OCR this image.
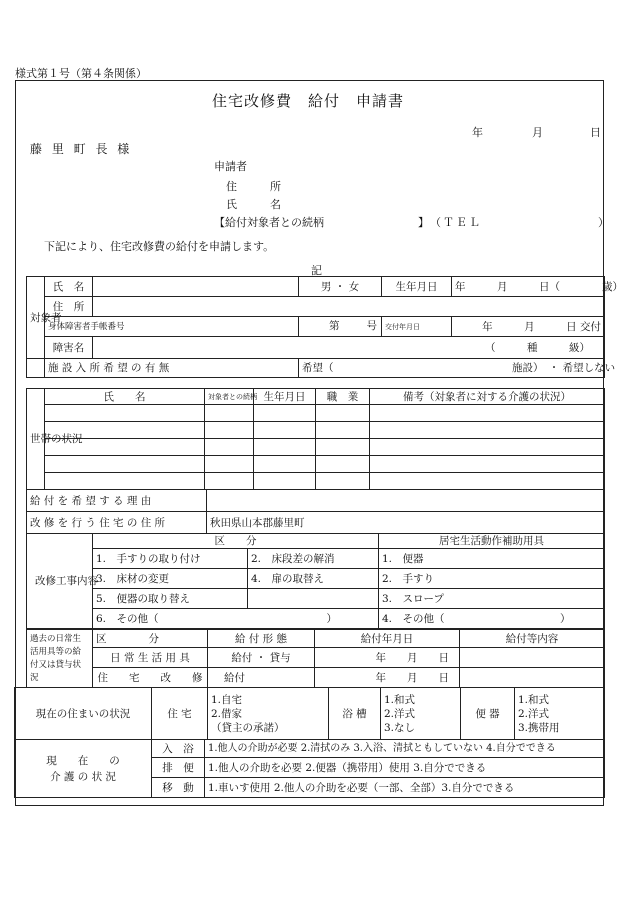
様式第１号（第４条関係）
住宅改修費　給付　申請書
年	月	日
藤 里 町 長 様
申請者
住　　　所
氏　　　名
【給付対象者との続柄	】 （ＴＥＬ	）
下記により、住宅改修費の給付を申請します。
記
対象者	氏　名		男 ・ 女	生年月日	年　　　月　　　日（　　　　歳）
	住　所				
	身体障害者手帳番号		第 号	交付年月日	年　　　月　　　日 交付
	障害名	（　　　種　　　級）			
	施 設 入 所 希 望 の 有 無		希望（　　　　　　　　　　　　　　　　　施設）　・ 希望しない		
世帯の状況	氏　　名	対象者との続柄	生年月日	職　業	備考（対象者に対する介護の状況）

給 付 を 希 望 す る 理 由	
改 修 を 行 う 住 宅 の 住 所	秋田県山本郡藤里町
改修工事内容	区　　分		居宅生活動作補助用具
	1.　手すりの取り付け	2.　床段差の解消	1.　便器
	3.　床材の変更	4.　扉の取替え	2.　手すり
	5.　便器の取り替え		3.　スロープ
	6.　その他（　　　　　　　　　　　　　　　　）		4.　その他（　　　　　　　　　　　）
過去の日常生活用具等の給付又は貸与状況	区　　　　分	給 付 形 態	給付年月日	給付等内容
	日 常 生 活 用 具	給付 ・ 貸与	年　　月　　日	
	住　　宅　　改　　修	給付	年　　月　　日	
現在の住まいの状況	住 宅	1.自宅
2.借家
（貸主の承諾）	浴 槽	1.和式
2.洋式
3.なし	便 器	1.和式
2.洋式
3.携帯用
現　　在　　の
介 護 の 状 況	入　浴	1.他人の介助が必要 2.清拭のみ 3.入浴、清拭ともしていない 4.自分でできる
	排　便	1.他人の介助を必要 2.便器（携帯用）使用 3.自分でできる
	移　動	1.車いす使用 2.他人の介助を必要（一部、全部）3.自分でできる
